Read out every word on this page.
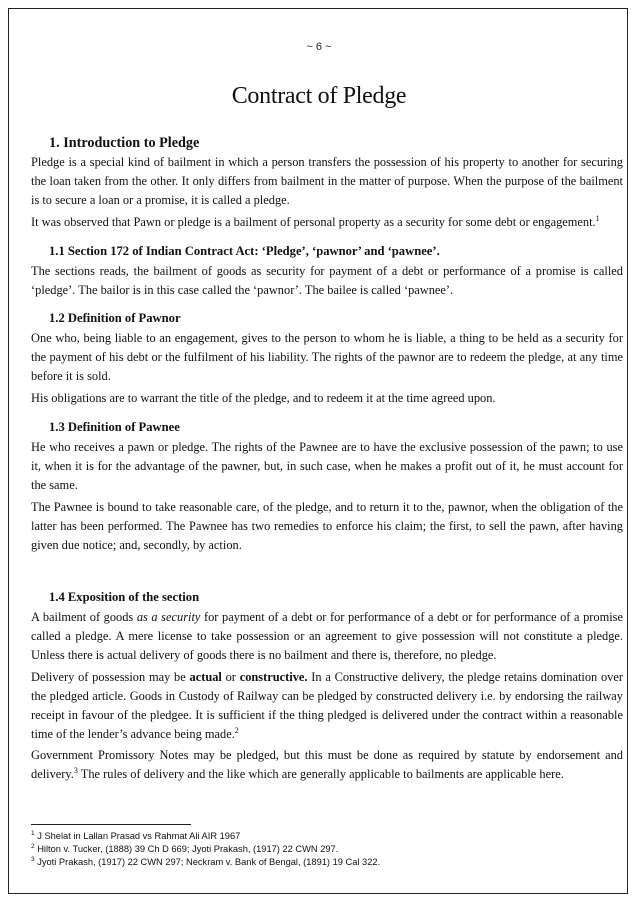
~ 6 ~
Contract of Pledge

1. Introduction to Pledge

Pledge is a special kind of bailment in which a person transfers the possession of his property to another for securing the loan taken from the other. It only differs from bailment in the matter of purpose. When the purpose of the bailment is to secure a loan or a promise, it is called a pledge.

It was observed that Pawn or pledge is a bailment of personal property as a security for some debt or engagement.$^1$

1.1 Section 172 of Indian Contract Act: ‘Pledge’, ‘pawnor’ and ‘pawnee’.

The sections reads, the bailment of goods as security for payment of a debt or performance of a promise is called ‘pledge’. The bailor is in this case called the ‘pawnor’. The bailee is called ‘pawnee’.

1.2 Definition of Pawnor

One who, being liable to an engagement, gives to the person to whom he is liable, a thing to be held as a security for the payment of his debt or the fulfilment of his liability. The rights of the pawnor are to redeem the pledge, at any time before it is sold.

His obligations are to warrant the title of the pledge, and to redeem it at the time agreed upon.

1.3 Definition of Pawnee

He who receives a pawn or pledge. The rights of the Pawnee are to have the exclusive possession of the pawn; to use it, when it is for the advantage of the pawner, but, in such case, when he makes a profit out of it, he must account for the same.

The Pawnee is bound to take reasonable care, of the pledge, and to return it to the, pawnor, when the obligation of the latter has been performed. The Pawnee has two remedies to enforce his claim; the first, to sell the pawn, after having given due notice; and, secondly, by action.

1.4 Exposition of the section

A bailment of goods as a security for payment of a debt or for performance of a debt or for performance of a promise called a pledge. A mere license to take possession or an agreement to give possession will not constitute a pledge. Unless there is actual delivery of goods there is no bailment and there is, therefore, no pledge.

Delivery of possession may be actual or constructive. In a Constructive delivery, the pledge retains domination over the pledged article. Goods in Custody of Railway can be pledged by constructed delivery i.e. by endorsing the railway receipt in favour of the pledgee. It is sufficient if the thing pledged is delivered under the contract within a reasonable time of the lender’s advance being made.$^2$

Government Promissory Notes may be pledged, but this must be done as required by statute by endorsement and delivery.$^3$ The rules of delivery and the like which are generally applicable to bailments are applicable here.

$^1$ J Shelat in Lallan Prasad vs Rahmat Ali AIR 1967

$^2$ Hilton v. Tucker, (1888) 39 Ch D 669; Jyoti Prakash, (1917) 22 CWN 297.

$^3$ Jyoti Prakash, (1917) 22 CWN 297; Neckram v. Bank of Bengal, (1891) 19 Cal 322.
